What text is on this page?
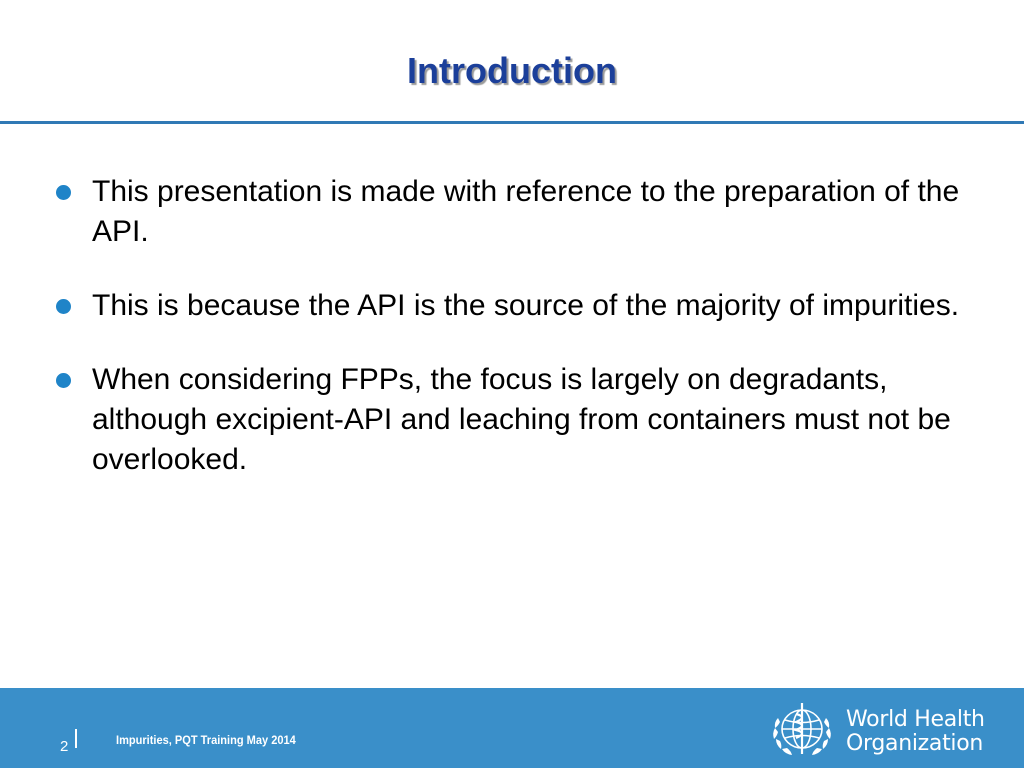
Introduction
This presentation is made with reference to the preparation of the API.
This is because the API is the source of the majority of impurities.
When considering FPPs, the focus is largely on degradants, although excipient-API and leaching from containers must not be overlooked.
2	Impurities, PQT Training May 2014
World Health
Organization
